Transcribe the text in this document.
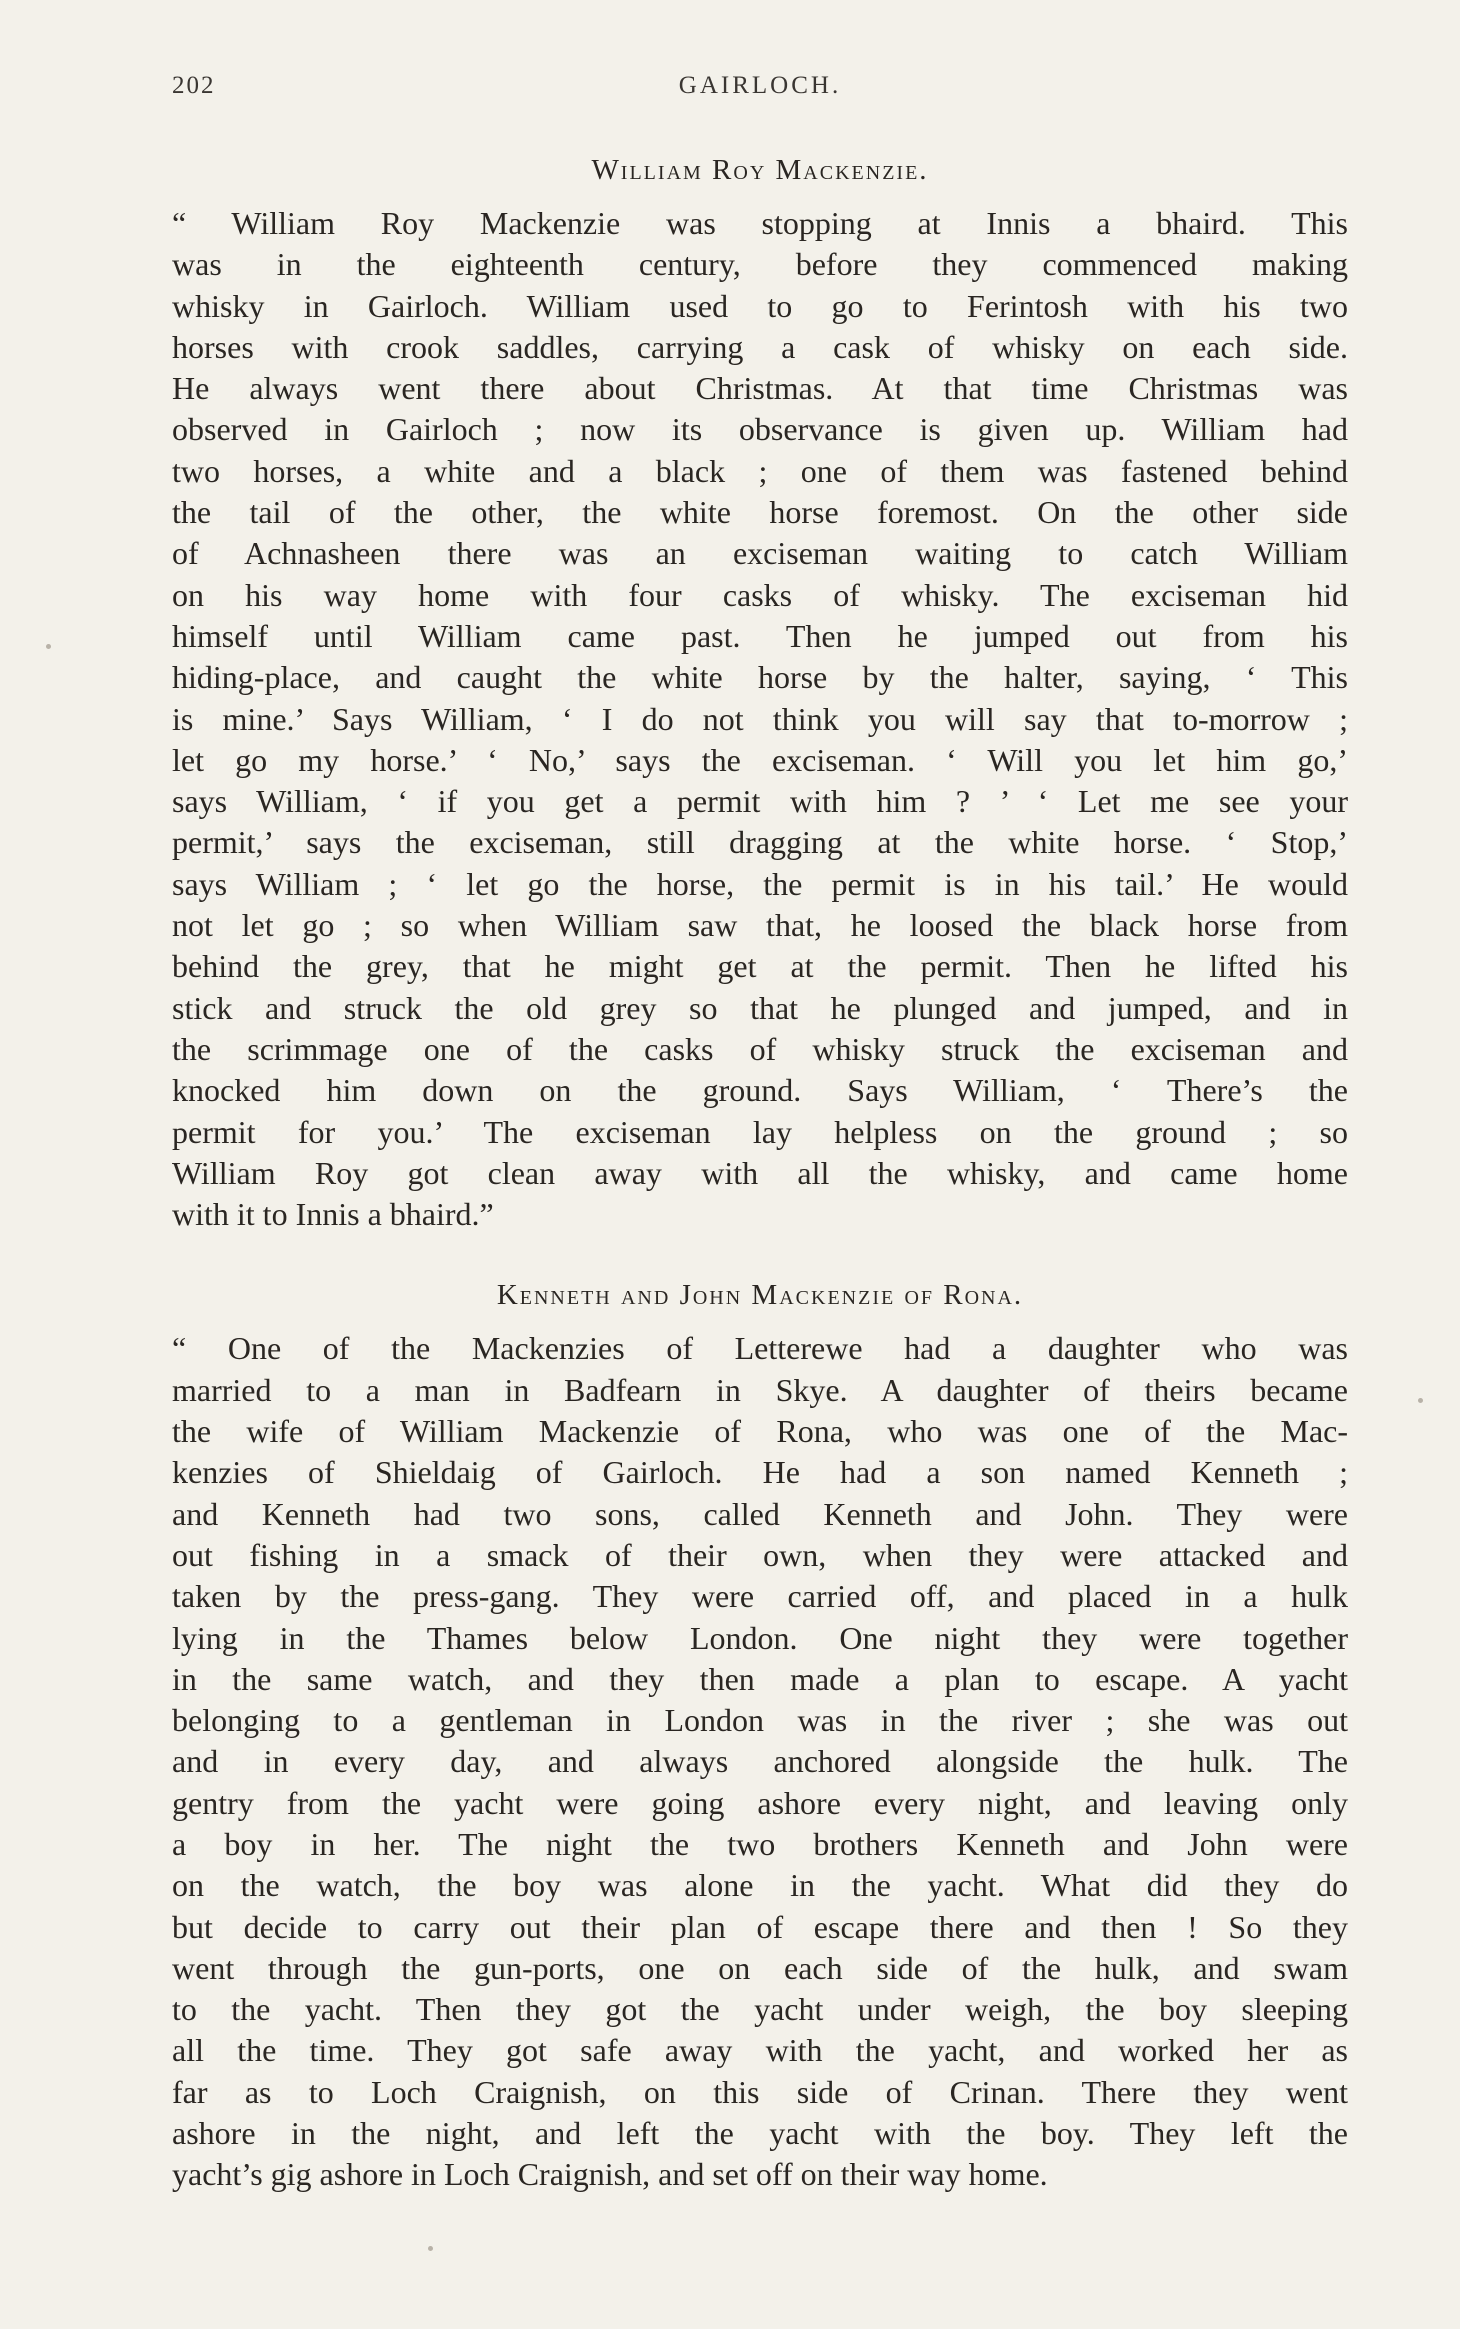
202	GAIRLOCH.
William Roy Mackenzie.
“ William Roy Mackenzie was stopping at Innis a bhaird. This
was in the eighteenth century, before they commenced making
whisky in Gairloch. William used to go to Ferintosh with his two
horses with crook saddles, carrying a cask of whisky on each side.
He always went there about Christmas. At that time Christmas was
observed in Gairloch ; now its observance is given up. William had
two horses, a white and a black ; one of them was fastened behind
the tail of the other, the white horse foremost. On the other side
of Achnasheen there was an exciseman waiting to catch William
on his way home with four casks of whisky. The exciseman hid
himself until William came past. Then he jumped out from his
hiding-place, and caught the white horse by the halter, saying, ‘ This
is mine.’ Says William, ‘ I do not think you will say that to-morrow ;
let go my horse.’ ‘ No,’ says the exciseman. ‘ Will you let him go,’
says William, ‘ if you get a permit with him ? ’ ‘ Let me see your
permit,’ says the exciseman, still dragging at the white horse. ‘ Stop,’
says William ; ‘ let go the horse, the permit is in his tail.’ He would
not let go ; so when William saw that, he loosed the black horse from
behind the grey, that he might get at the permit. Then he lifted his
stick and struck the old grey so that he plunged and jumped, and in
the scrimmage one of the casks of whisky struck the exciseman and
knocked him down on the ground. Says William, ‘ There’s the
permit for you.’ The exciseman lay helpless on the ground ; so
William Roy got clean away with all the whisky, and came home
with it to Innis a bhaird.”
Kenneth and John Mackenzie of Rona.
“ One of the Mackenzies of Letterewe had a daughter who was
married to a man in Badfearn in Skye. A daughter of theirs became
the wife of William Mackenzie of Rona, who was one of the Mac-
kenzies of Shieldaig of Gairloch. He had a son named Kenneth ;
and Kenneth had two sons, called Kenneth and John. They were
out fishing in a smack of their own, when they were attacked and
taken by the press-gang. They were carried off, and placed in a hulk
lying in the Thames below London. One night they were together
in the same watch, and they then made a plan to escape. A yacht
belonging to a gentleman in London was in the river ; she was out
and in every day, and always anchored alongside the hulk. The
gentry from the yacht were going ashore every night, and leaving only
a boy in her. The night the two brothers Kenneth and John were
on the watch, the boy was alone in the yacht. What did they do
but decide to carry out their plan of escape there and then ! So they
went through the gun-ports, one on each side of the hulk, and swam
to the yacht. Then they got the yacht under weigh, the boy sleeping
all the time. They got safe away with the yacht, and worked her as
far as to Loch Craignish, on this side of Crinan. There they went
ashore in the night, and left the yacht with the boy. They left the
yacht’s gig ashore in Loch Craignish, and set off on their way home.
